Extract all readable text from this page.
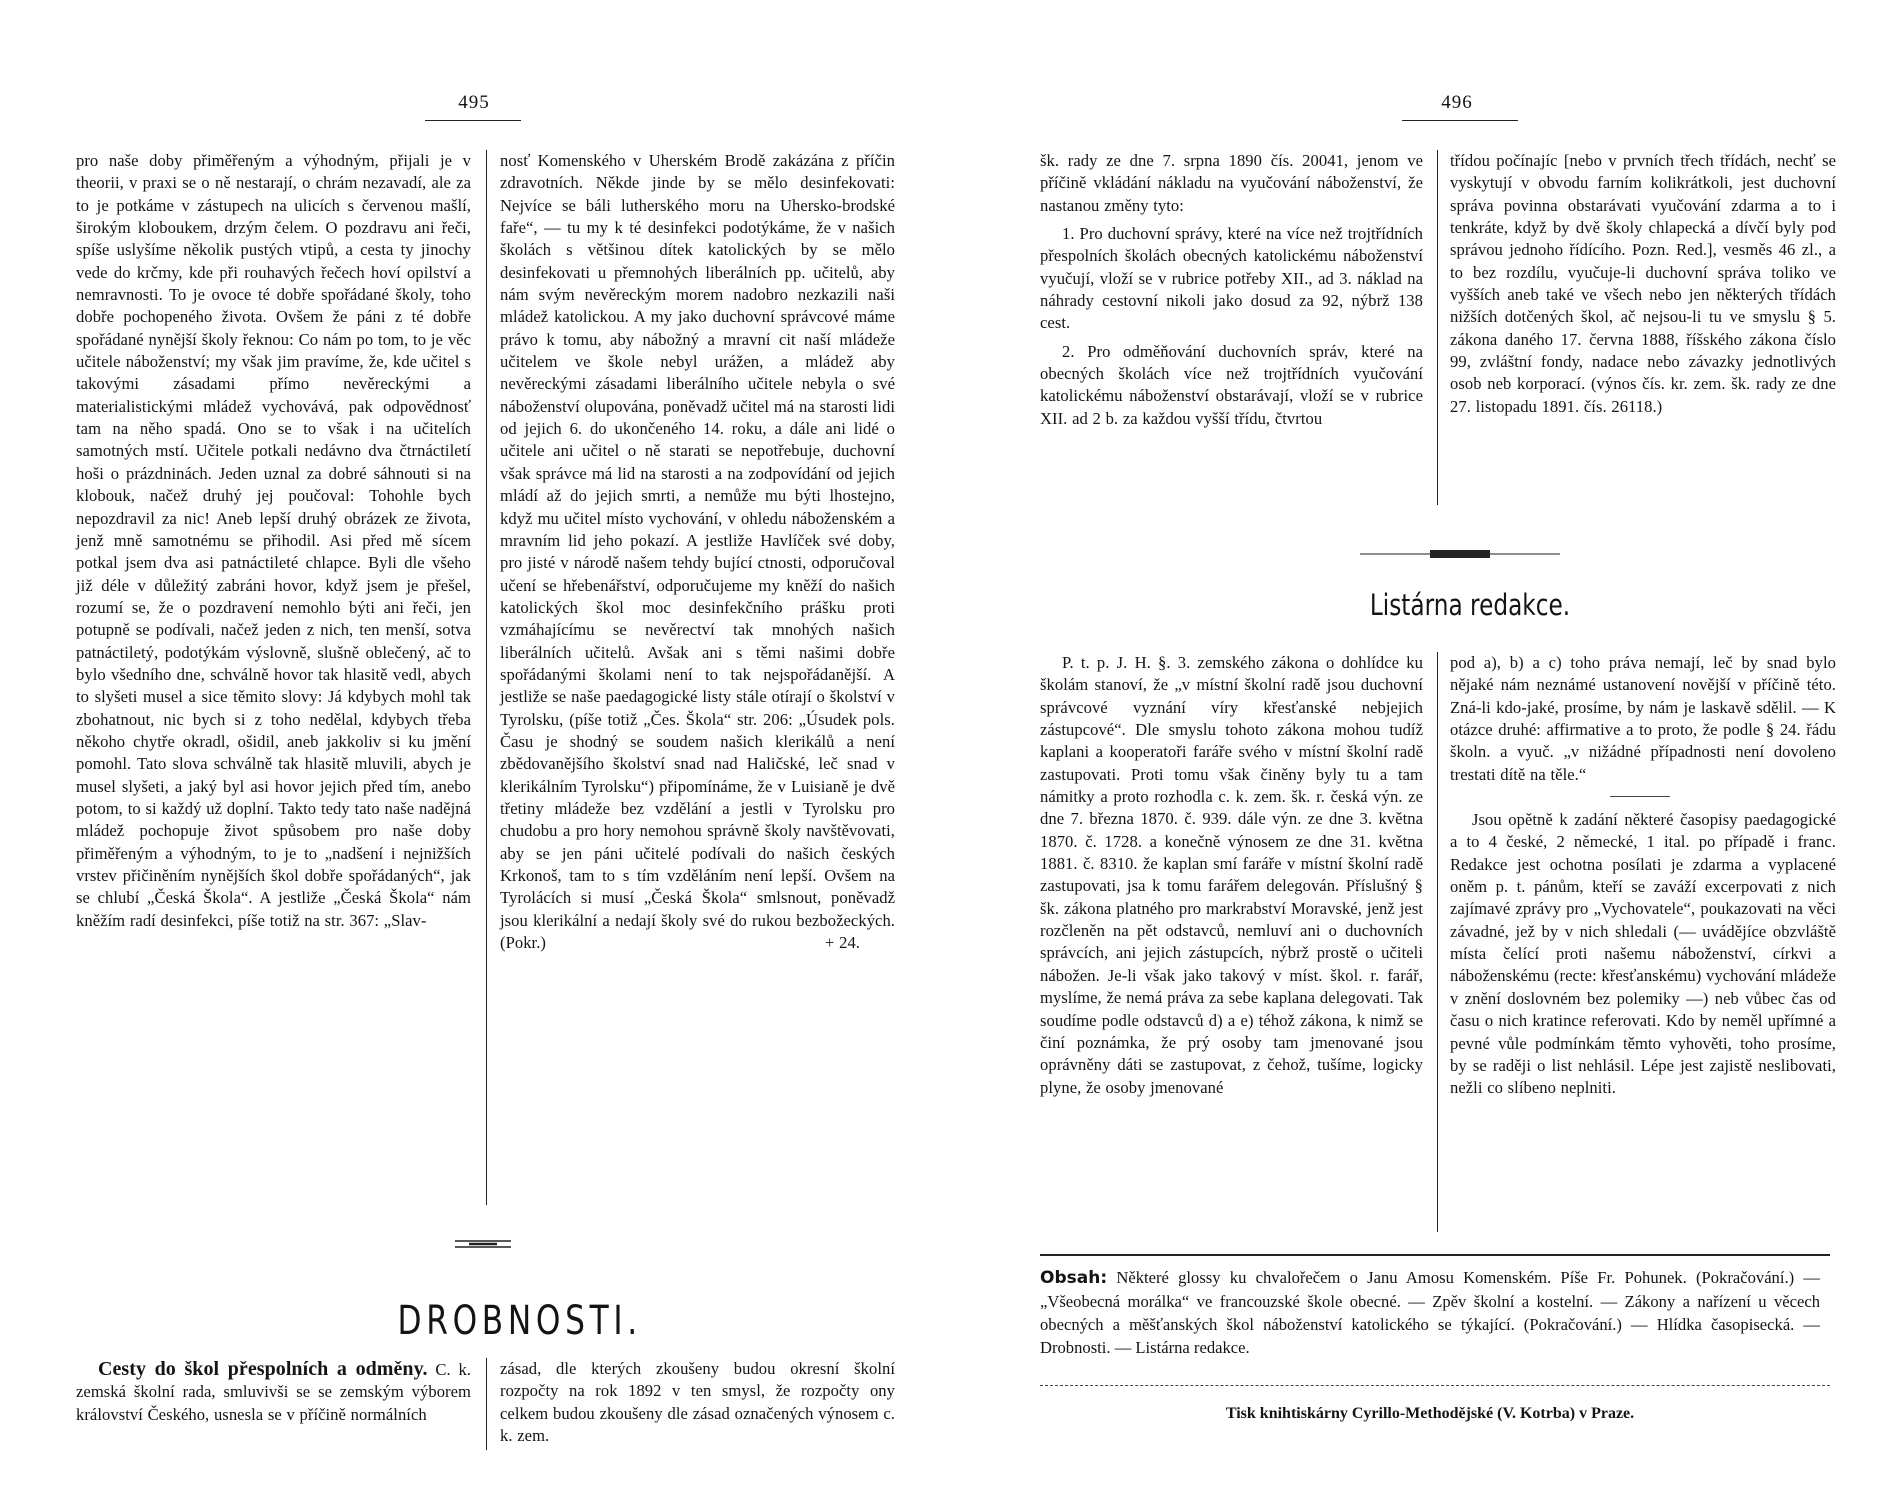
495

pro naše doby přiměřeným a výhodným, přijali je v theorii, v praxi se o ně nestarají, o chrám nezavadí, ale za to je potkáme v zástupech na ulicích s červenou mašlí, širokým kloboukem, drzým čelem. O pozdravu ani řeči, spíše uslyšíme několik pustých vtipů, a cesta ty jinochy vede do krčmy, kde při rouhavých řečech hoví opilství a nemravnosti. To je ovoce té dobře spořádané školy, toho dobře pochopeného života. Ovšem že páni z té dobře spořádané nynější školy řeknou: Co nám po tom, to je věc učitele náboženství; my však jim pravíme, že, kde učitel s takovými zásadami přímo nevěreckými a materialistickými mládež vychovává, pak odpovědnosť tam na něho spadá. Ono se to však i na učitelích samotných mstí. Učitele potkali nedávno dva čtrnáctiletí hoši o prázdninách. Jeden uznal za dobré sáhnouti si na klobouk, načež druhý jej poučoval: Tohohle bych nepozdravil za nic! Aneb lepší druhý obrázek ze života, jenž mně samotnému se přihodil. Asi před mě sícem potkal jsem dva asi patnáctileté chlapce. Byli dle všeho již déle v důležitý zabráni hovor, když jsem je přešel, rozumí se, že o pozdravení nemohlo býti ani řeči, jen potupně se podívali, načež jeden z nich, ten menší, sotva patnáctiletý, podotýkám výslovně, slušně oblečený, ač to bylo všedního dne, schválně hovor tak hlasitě vedl, abych to slyšeti musel a sice těmito slovy: Já kdybych mohl tak zbohatnout, nic bych si z toho nedělal, kdybych třeba někoho chytře okradl, ošidil, aneb jakkoliv si ku jmění pomohl. Tato slova schválně tak hlasitě mluvili, abych je musel slyšeti, a jaký byl asi hovor jejich před tím, anebo potom, to si každý už doplní. Takto tedy tato naše nadějná mládež pochopuje život spůsobem pro naše doby přiměřeným a výhodným, to je to „nadšení i nejnižších vrstev přičiněním nynějších škol dobře spořádaných“, jak se chlubí „Česká Škola“. A jestliže „Česká Škola“ nám kněžím radí desinfekci, píše totiž na str. 367: „Slav-

nosť Komenského v Uherském Brodě zakázána z příčin zdravotních. Někde jinde by se mělo desinfekovati: Nejvíce se báli lutherského moru na Uhersko-brodské faře“, — tu my k té desinfekci podotýkáme, že v našich školách s většinou dítek katolických by se mělo desinfekovati u přemnohých liberálních pp. učitelů, aby nám svým nevěreckým morem nadobro nezkazili naši mládež katolickou. A my jako duchovní správcové máme právo k tomu, aby nábožný a mravní cit naší mládeže učitelem ve škole nebyl urážen, a mládež aby nevěreckými zásadami liberálního učitele nebyla o své náboženství olupována, poněvadž učitel má na starosti lidi od jejich 6. do ukončeného 14. roku, a dále ani lidé o učitele ani učitel o ně starati se nepotřebuje, duchovní však správce má lid na starosti a na zodpovídání od jejich mládí až do jejich smrti, a nemůže mu býti lhostejno, když mu učitel místo vychování, v ohledu náboženském a mravním lid jeho pokazí. A jestliže Havlíček své doby, pro jisté v národě našem tehdy bující ctnosti, odporučoval učení se hřebenářství, odporučujeme my kněží do našich katolických škol moc desinfekčního prášku proti vzmáhajícímu se nevěrectví tak mnohých našich liberálních učitelů. Avšak ani s těmi našimi dobře spořádanými školami není to tak nejspořádanější. A jestliže se naše paedagogické listy stále otírají o školství v Tyrolsku, (píše totiž „Čes. Škola“ str. 206: „Úsudek pols. Času je shodný se soudem našich klerikálů a není zbědovanějšího školství snad nad Haličské, leč snad v klerikálním Tyrolsku“) připomínáme, že v Luisianě je dvě třetiny mládeže bez vzdělání a jestli v Tyrolsku pro chudobu a pro hory nemohou správně školy navštěvovati, aby se jen páni učitelé podívali do našich českých Krkonoš, tam to s tím vzděláním není lepší. Ovšem na Tyrolácích si musí „Česká Škola“ smlsnout, poněvadž jsou klerikální a nedají školy své do rukou bezbožeckých. (Pokr.)	+ 24.
DROBNOSTI.

Cesty do škol přespolních a odměny. C. k. zemská školní rada, smluvivši se se zemským výborem království Českého, usnesla se v příčině normálních

zásad, dle kterých zkoušeny budou okresní školní rozpočty na rok 1892 v ten smysl, že rozpočty ony celkem budou zkoušeny dle zásad označených výnosem c. k. zem.

496

šk. rady ze dne 7. srpna 1890 čís. 20041, jenom ve příčině vkládání nákladu na vyučování náboženství, že nastanou změny tyto:

1. Pro duchovní správy, které na více než trojtřídních přespolních školách obecných katolickému náboženství vyučují, vloží se v rubrice potřeby XII., ad 3. náklad na náhrady cestovní nikoli jako dosud za 92, nýbrž 138 cest.

2. Pro odměňování duchovních správ, které na obecných školách více než trojtřídních vyučování katolickému náboženství obstarávají, vloží se v rubrice XII. ad 2 b. za každou vyšší třídu, čtvrtou

třídou počínajíc [nebo v prvních třech třídách, nechť se vyskytují v obvodu farním kolikrátkoli, jest duchovní správa povinna obstarávati vyučování zdarma a to i tenkráte, když by dvě školy chlapecká a dívčí byly pod správou jednoho řídícího. Pozn. Red.], vesměs 46 zl., a to bez rozdílu, vyučuje-li duchovní správa toliko ve vyšších aneb také ve všech nebo jen některých třídách nižších dotčených škol, ač nejsou-li tu ve smyslu § 5. zákona daného 17. června 1888, říšského zákona číslo 99, zvláštní fondy, nadace nebo závazky jednotlivých osob neb korporací. (výnos čís. kr. zem. šk. rady ze dne 27. listopadu 1891. čís. 26118.)

Listárna redakce.

P. t. p. J. H. §. 3. zemského zákona o dohlídce ku školám stanoví, že „v místní školní radě jsou duchovní správcové vyznání víry křesťanské nebjejich zástupcové“. Dle smyslu tohoto zákona mohou tudíž kaplani a kooperatoři faráře svého v místní školní radě zastupovati. Proti tomu však činěny byly tu a tam námitky a proto rozhodla c. k. zem. šk. r. česká výn. ze dne 7. března 1870. č. 939. dále výn. ze dne 3. května 1870. č. 1728. a konečně výnosem ze dne 31. května 1881. č. 8310. že kaplan smí faráře v místní školní radě zastupovati, jsa k tomu farářem delegován. Příslušný § šk. zákona platného pro markrabství Moravské, jenž jest rozčleněn na pět odstavců, nemluví ani o duchovních správcích, ani jejich zástupcích, nýbrž prostě o učiteli nábožen. Je-li však jako takový v míst. škol. r. farář, myslíme, že nemá práva za sebe kaplana delegovati. Tak soudíme podle odstavců d) a e) téhož zákona, k nimž se činí poznámka, že prý osoby tam jmenované jsou oprávněny dáti se zastupovat, z čehož, tušíme, logicky plyne, že osoby jmenované

pod a), b) a c) toho práva nemají, leč by snad bylo nějaké nám neznámé ustanovení novější v příčině této. Zná-li kdo-jaké, prosíme, by nám je laskavě sdělil. — K otázce druhé: affirmative a to proto, že podle § 24. řádu školn. a vyuč. „v nižádné případnosti není dovoleno trestati dítě na těle.“

Jsou opětně k zadání některé časopisy paedagogické a to 4 české, 2 německé, 1 ital. po případě i franc. Redakce jest ochotna posílati je zdarma a vyplacené oněm p. t. pánům, kteří se zaváží excerpovati z nich zajímavé zprávy pro „Vychovatele“, poukazovati na věci závadné, jež by v nich shledali (— uvádějíce obzvláště místa čelící proti našemu náboženství, církvi a náboženskému (recte: křesťanskému) vychování mládeže v znění doslovném bez polemiky —) neb vůbec čas od času o nich kratince referovati. Kdo by neměl upřímné a pevné vůle podmínkám těmto vyhověti, toho prosíme, by se raději o list nehlásil. Lépe jest zajistě neslibovati, nežli co slíbeno neplniti.

Obsah: Některé glossy ku chvalořečem o Janu Amosu Komenském. Píše Fr. Pohunek. (Pokračování.) — „Všeobecná morálka“ ve francouzské škole obecné. — Zpěv školní a kostelní. — Zákony a nařízení u věcech obecných a měšťanských škol náboženství katolického se týkající. (Pokračování.) — Hlídka časopisecká. — Drobnosti. — Listárna redakce.
Tisk knihtiskárny Cyrillo-Methodějské (V. Kotrba) v Praze.
